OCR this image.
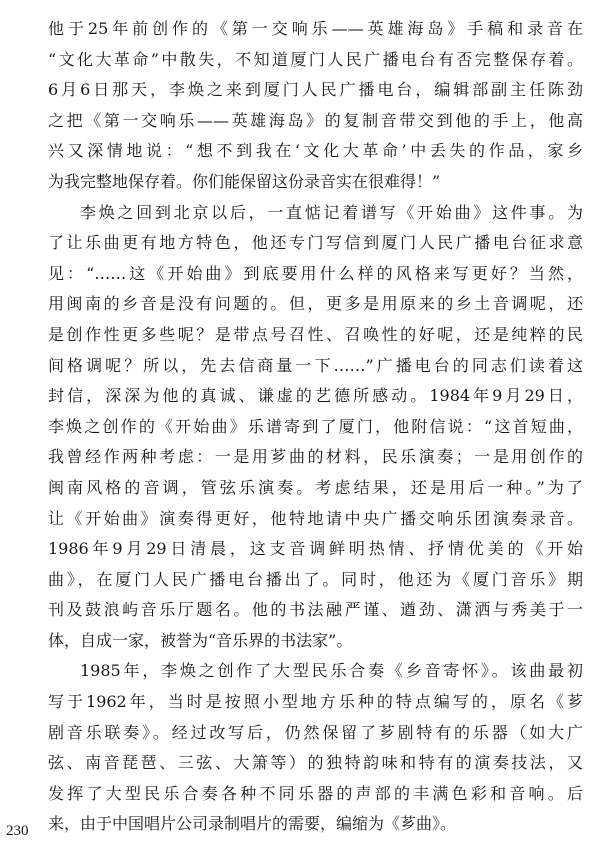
他于25年前创作的《第一交响乐——英雄海岛》手稿和录音在
“文化大革命”中散失，不知道厦门人民广播电台有否完整保存着。
6月6日那天，李焕之来到厦门人民广播电台，编辑部副主任陈劲
之把《第一交响乐——英雄海岛》的复制音带交到他的手上，他高
兴又深情地说：“想不到我在‘文化大革命’中丢失的作品，家乡
为我完整地保存着。你们能保留这份录音实在很难得！”
李焕之回到北京以后，一直惦记着谱写《开始曲》这件事。为
了让乐曲更有地方特色，他还专门写信到厦门人民广播电台征求意
见：“……这《开始曲》到底要用什么样的风格来写更好？当然，
用闽南的乡音是没有问题的。但，更多是用原来的乡土音调呢，还
是创作性更多些呢？是带点号召性、召唤性的好呢，还是纯粹的民
间格调呢？所以，先去信商量一下……”广播电台的同志们读着这
封信，深深为他的真诚、谦虚的艺德所感动。1984年9月29日，
李焕之创作的《开始曲》乐谱寄到了厦门，他附信说：“这首短曲，
我曾经作两种考虑：一是用芗曲的材料，民乐演奏；一是用创作的
闽南风格的音调，管弦乐演奏。考虑结果，还是用后一种。”为了
让《开始曲》演奏得更好，他特地请中央广播交响乐团演奏录音。
1986年9月29日清晨，这支音调鲜明热情、抒情优美的《开始
曲》，在厦门人民广播电台播出了。同时，他还为《厦门音乐》期
刊及鼓浪屿音乐厅题名。他的书法融严谨、遒劲、潇洒与秀美于一
体，自成一家，被誉为“音乐界的书法家”。
1985年，李焕之创作了大型民乐合奏《乡音寄怀》。该曲最初
写于1962年，当时是按照小型地方乐种的特点编写的，原名《芗
剧音乐联奏》。经过改写后，仍然保留了芗剧特有的乐器（如大广
弦、南音琵琶、三弦、大箫等）的独特韵味和特有的演奏技法，又
发挥了大型民乐合奏各种不同乐器的声部的丰满色彩和音响。后
来，由于中国唱片公司录制唱片的需要，编缩为《芗曲》。
230
